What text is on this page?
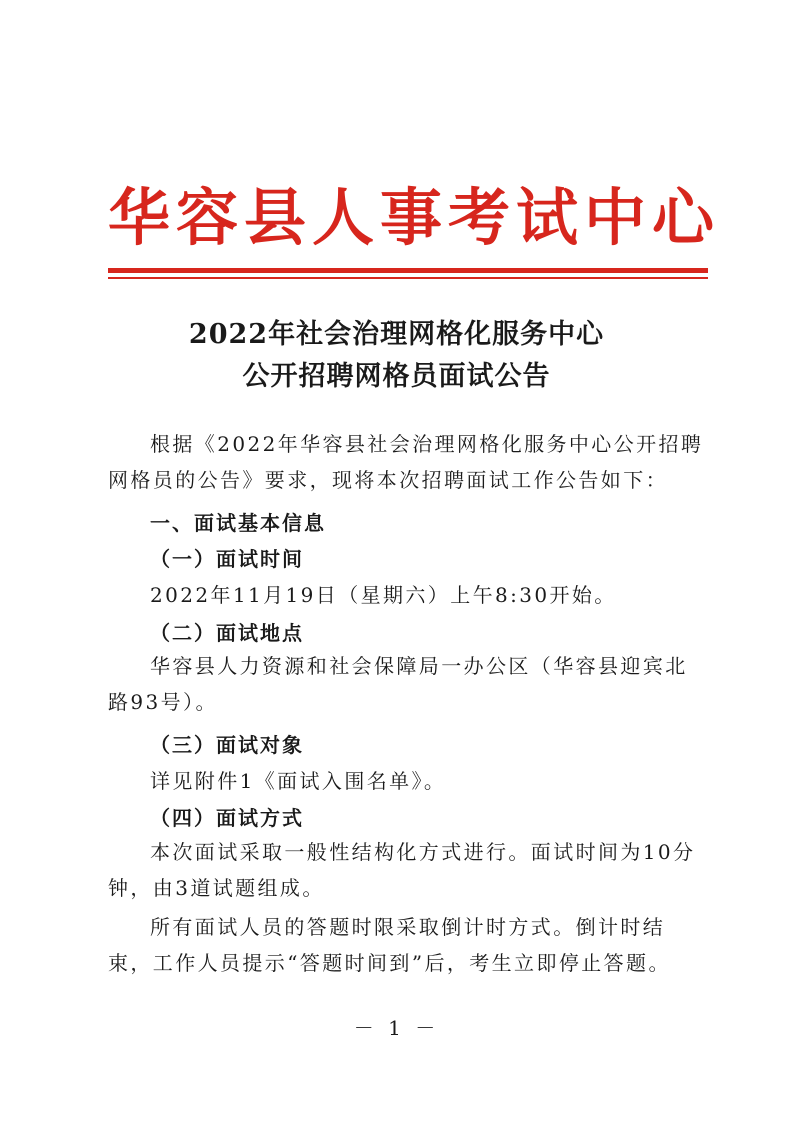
华容县人事考试中心
2022年社会治理网格化服务中心
公开招聘网格员面试公告
根据《2022年华容县社会治理网格化服务中心公开招聘网格员的公告》要求，现将本次招聘面试工作公告如下：
一、面试基本信息
（一）面试时间
2022年11月19日（星期六）上午8:30开始。
（二）面试地点
华容县人力资源和社会保障局一办公区（华容县迎宾北路93号）。
（三）面试对象
详见附件1《面试入围名单》。
（四）面试方式
本次面试采取一般性结构化方式进行。面试时间为10分钟，由3道试题组成。
所有面试人员的答题时限采取倒计时方式。倒计时结束，工作人员提示“答题时间到”后，考生立即停止答题。
－ 1 －
